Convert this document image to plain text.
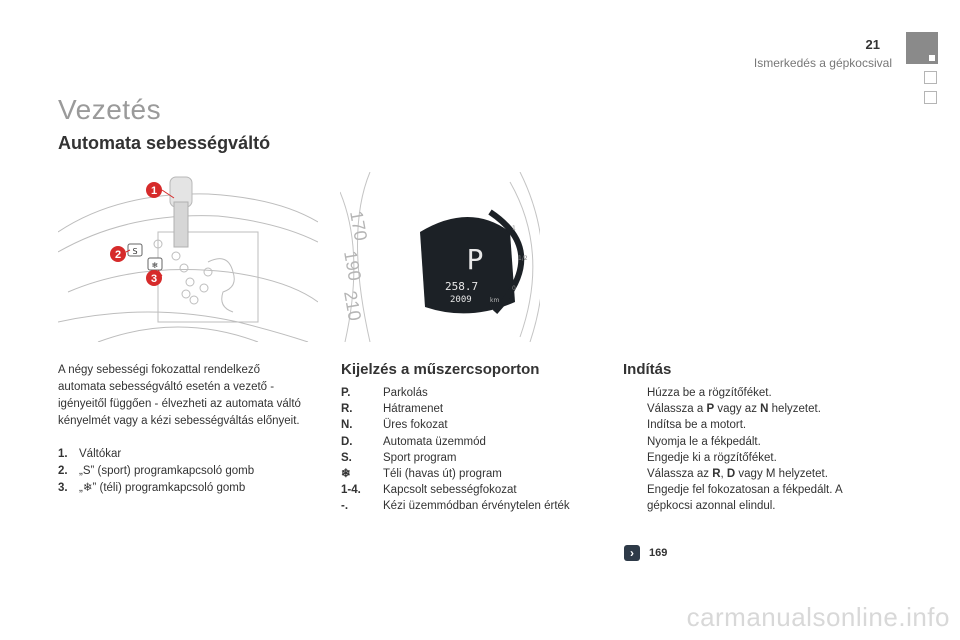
21
Ismerkedés a gépkocsival
Vezetés
Automata sebességváltó
S
❄
1
2
3
170
190
210
P
258.7
2009	km
1
1/2
0
A négy sebességi fokozattal rendelkező automata sebességváltó esetén a vezető - igényeitől függően - élvezheti az automata váltó kényelmét vagy a kézi sebességváltás előnyeit.
1. Váltókar
2. „S” (sport) programkapcsoló gomb
3. „❄” (téli) programkapcsoló gomb
Kijelzés a műszercsoporton
P.	Parkolás
R.	Hátramenet
N.	Üres fokozat
D.	Automata üzemmód
S.	Sport program
❄	Téli (havas út) program
1-4.	Kapcsolt sebességfokozat
-.	Kézi üzemmódban érvénytelen érték
Indítás
Húzza be a rögzítőféket.
Válassza a P vagy az N helyzetet.
Indítsa be a motort.
Nyomja le a fékpedált.
Engedje ki a rögzítőféket.
Válassza az R, D vagy M helyzetet.
Engedje fel fokozatosan a fékpedált. A gépkocsi azonnal elindul.
›	169
carmanualsonline.info
